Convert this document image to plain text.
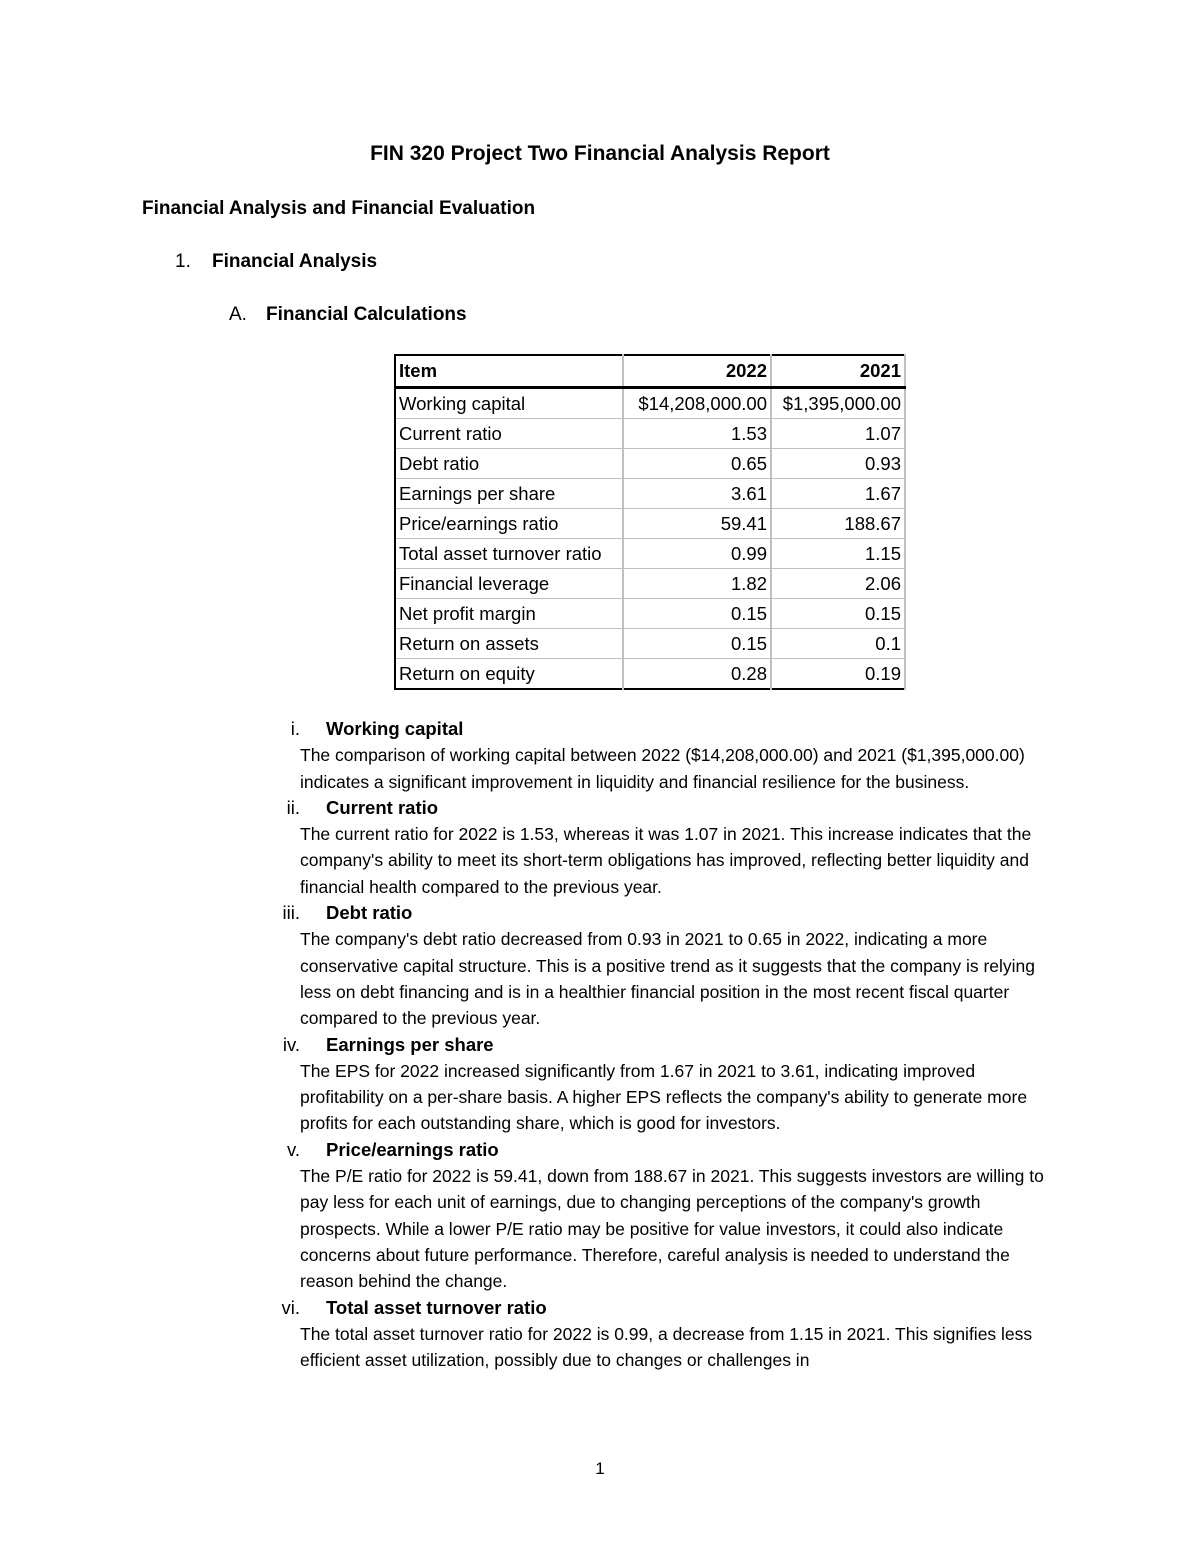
FIN 320 Project Two Financial Analysis Report
Financial Analysis and Financial Evaluation
1. Financial Analysis
A. Financial Calculations
Item	2022	2021
Working capital	$14,208,000.00	$1,395,000.00
Current ratio	1.53	1.07
Debt ratio	0.65	0.93
Earnings per share	3.61	1.67
Price/earnings ratio	59.41	188.67
Total asset turnover ratio	0.99	1.15
Financial leverage	1.82	2.06
Net profit margin	0.15	0.15
Return on assets	0.15	0.1
Return on equity	0.28	0.19
i. Working capital
The comparison of working capital between 2022 ($14,208,000.00) and 2021 ($1,395,000.00) indicates a significant improvement in liquidity and financial resilience for the business.
ii. Current ratio
The current ratio for 2022 is 1.53, whereas it was 1.07 in 2021. This increase indicates that the company's ability to meet its short-term obligations has improved, reflecting better liquidity and financial health compared to the previous year.
iii. Debt ratio
The company's debt ratio decreased from 0.93 in 2021 to 0.65 in 2022, indicating a more conservative capital structure. This is a positive trend as it suggests that the company is relying less on debt financing and is in a healthier financial position in the most recent fiscal quarter compared to the previous year.
iv. Earnings per share
The EPS for 2022 increased significantly from 1.67 in 2021 to 3.61, indicating improved profitability on a per-share basis. A higher EPS reflects the company's ability to generate more profits for each outstanding share, which is good for investors.
v. Price/earnings ratio
The P/E ratio for 2022 is 59.41, down from 188.67 in 2021. This suggests investors are willing to pay less for each unit of earnings, due to changing perceptions of the company's growth prospects. While a lower P/E ratio may be positive for value investors, it could also indicate concerns about future performance. Therefore, careful analysis is needed to understand the reason behind the change.
vi. Total asset turnover ratio
The total asset turnover ratio for 2022 is 0.99, a decrease from 1.15 in 2021. This signifies less efficient asset utilization, possibly due to changes or challenges in
1
